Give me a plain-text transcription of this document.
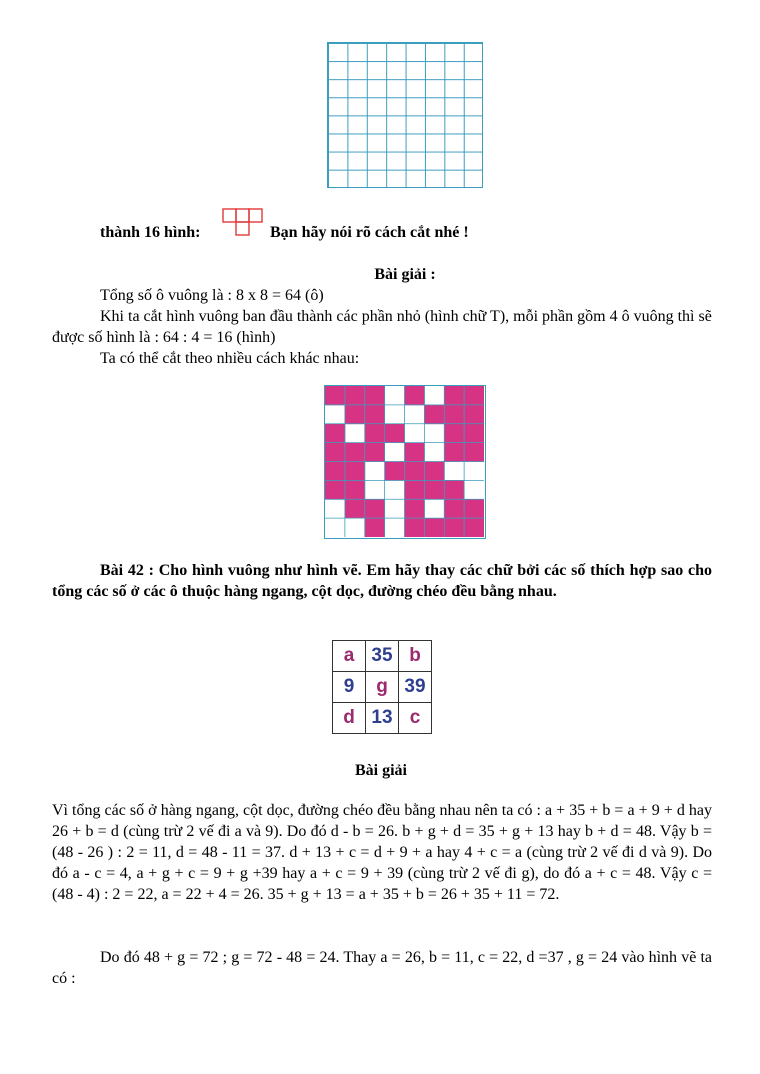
thành 16 hình:	Bạn hãy nói rõ cách cắt nhé !
Bài giải :
Tổng số ô vuông là : 8 x 8 = 64 (ô)
Khi ta cắt hình vuông ban đầu thành các phần nhỏ (hình chữ T), mỗi phần gồm 4 ô vuông thì sẽ được số hình là : 64 : 4 = 16 (hình)
Ta có thể cắt theo nhiều cách khác nhau:
Bài 42 : Cho hình vuông như hình vẽ. Em hãy thay các chữ bởi các số thích hợp sao cho tổng các số ở các ô thuộc hàng ngang, cột dọc, đường chéo đều bằng nhau.
a	35	b
9	g	39
d	13	c
Bài giải
Vì tổng các số ở hàng ngang, cột dọc, đường chéo đều bằng nhau nên ta có : a + 35 + b = a + 9 + d hay 26 + b = d (cùng trừ 2 vế đi a và 9). Do đó d - b = 26. b + g + d = 35 + g + 13 hay b + d = 48. Vậy b = (48 - 26 ) : 2 = 11, d = 48 - 11 = 37. d + 13 + c = d + 9 + a hay 4 + c = a (cùng trừ 2 vế đi d và 9). Do đó a - c = 4, a + g + c = 9 + g +39 hay a + c = 9 + 39 (cùng trừ 2 vế đi g), do đó a + c = 48. Vậy c = (48 - 4) : 2 = 22, a = 22 + 4 = 26. 35 + g + 13 = a + 35 + b = 26 + 35 + 11 = 72.
Do đó 48 + g = 72 ; g = 72 - 48 = 24. Thay a = 26, b = 11, c = 22, d =37 , g = 24 vào hình vẽ ta có :
